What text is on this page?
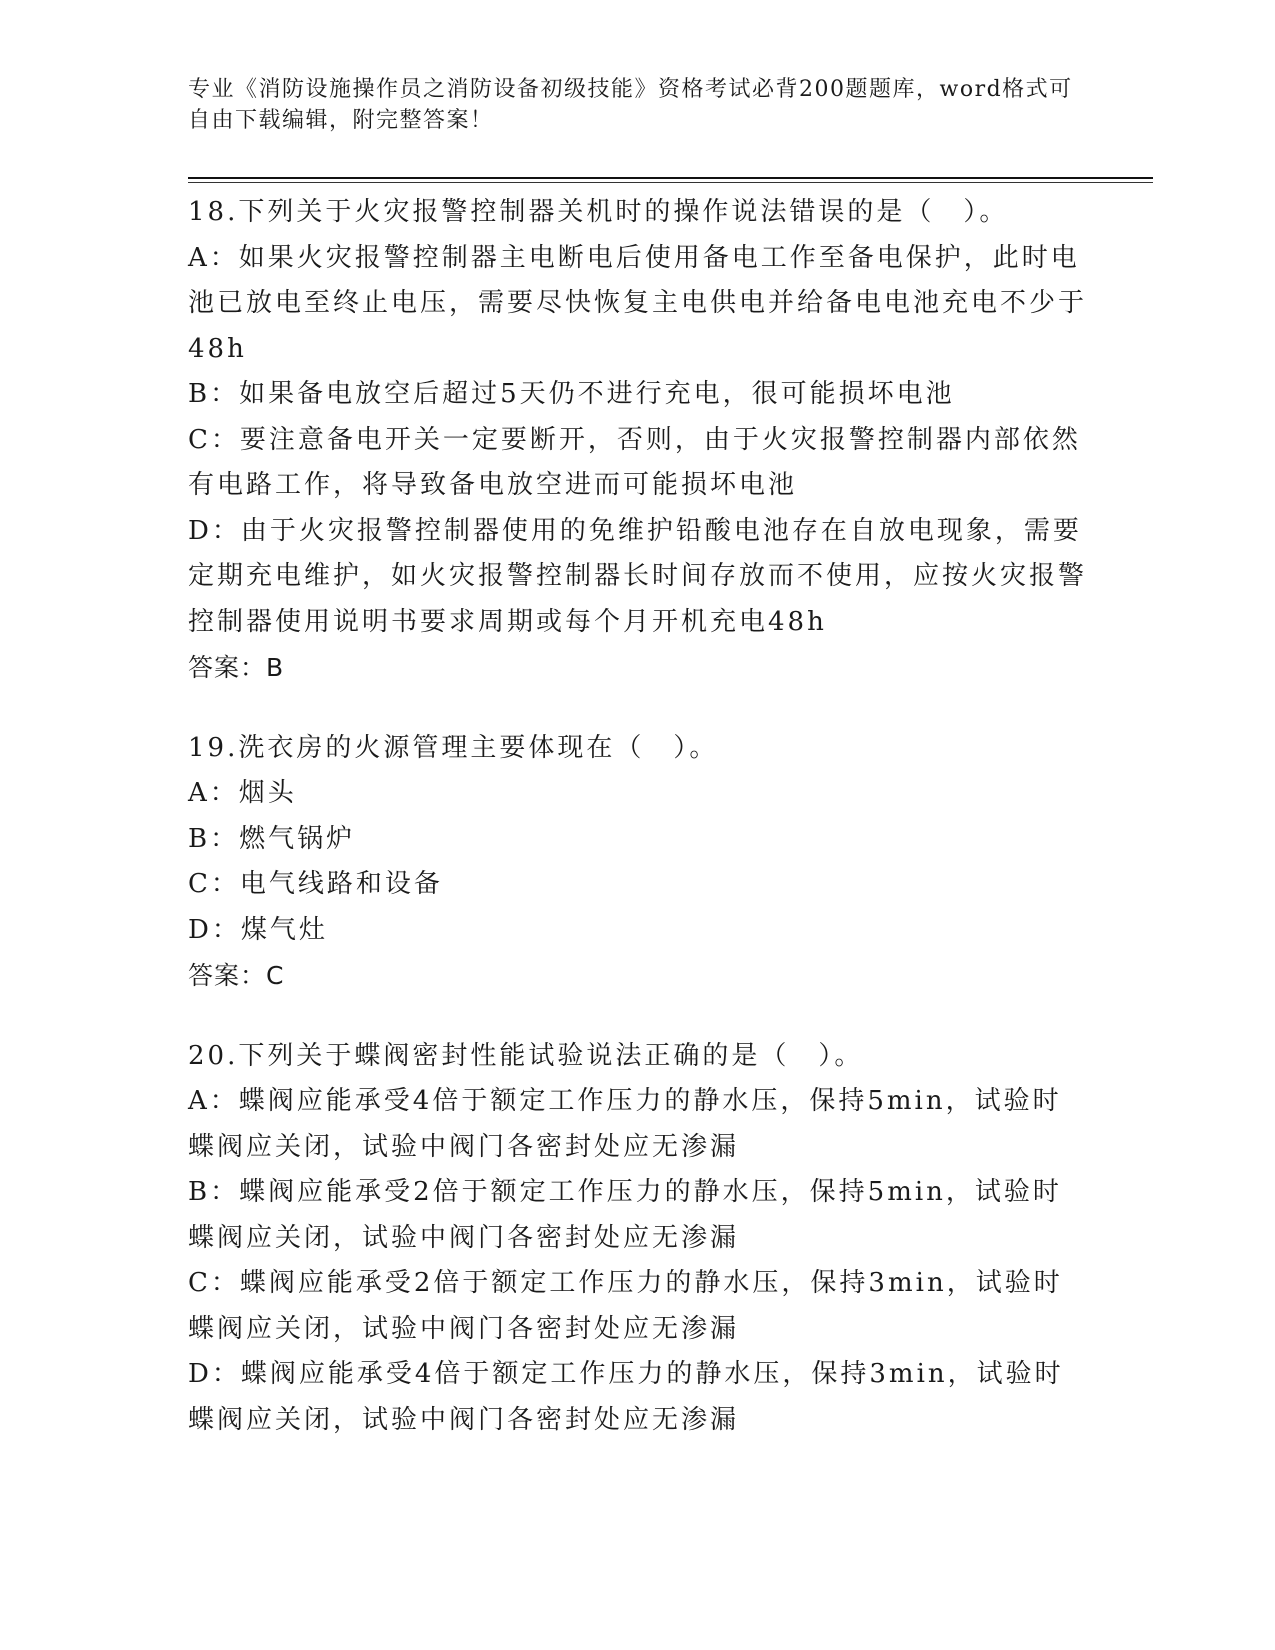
专业《消防设施操作员之消防设备初级技能》资格考试必背200题题库，word格式可自由下载编辑，附完整答案！

18.下列关于火灾报警控制器关机时的操作说法错误的是（　）。

A：如果火灾报警控制器主电断电后使用备电工作至备电保护，此时电池已放电至终止电压，需要尽快恢复主电供电并给备电电池充电不少于48h

B：如果备电放空后超过5天仍不进行充电，很可能损坏电池

C：要注意备电开关一定要断开，否则，由于火灾报警控制器内部依然有电路工作，将导致备电放空进而可能损坏电池

D：由于火灾报警控制器使用的免维护铅酸电池存在自放电现象，需要定期充电维护，如火灾报警控制器长时间存放而不使用，应按火灾报警控制器使用说明书要求周期或每个月开机充电48h

答案：B

19.洗衣房的火源管理主要体现在（　）。

A：烟头

B：燃气锅炉

C：电气线路和设备

D：煤气灶

答案：C

20.下列关于蝶阀密封性能试验说法正确的是（　）。

A：蝶阀应能承受4倍于额定工作压力的静水压，保持5min，试验时蝶阀应关闭，试验中阀门各密封处应无渗漏

B：蝶阀应能承受2倍于额定工作压力的静水压，保持5min，试验时蝶阀应关闭，试验中阀门各密封处应无渗漏

C：蝶阀应能承受2倍于额定工作压力的静水压，保持3min，试验时蝶阀应关闭，试验中阀门各密封处应无渗漏

D：蝶阀应能承受4倍于额定工作压力的静水压，保持3min，试验时蝶阀应关闭，试验中阀门各密封处应无渗漏
